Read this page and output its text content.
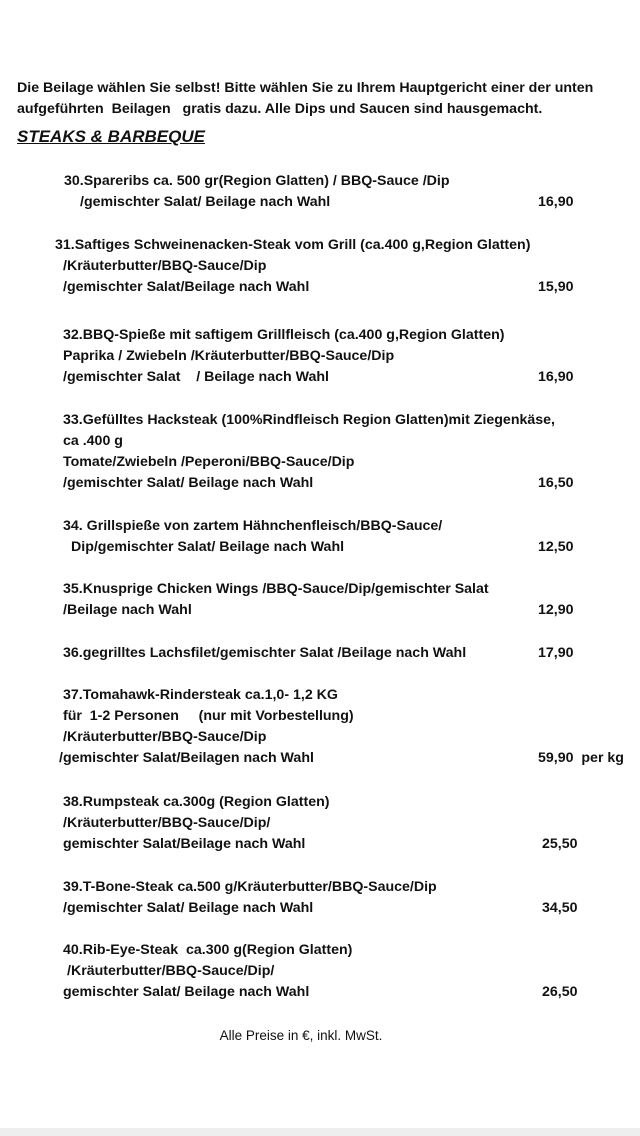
Die Beilage wählen Sie selbst! Bitte wählen Sie zu Ihrem Hauptgericht einer der unten
aufgeführten  Beilagen   gratis dazu. Alle Dips und Saucen sind hausgemacht.
STEAKS & BARBEQUE
30.Spareribs ca. 500 gr(Region Glatten) / BBQ-Sauce /Dip
/gemischter Salat/ Beilage nach Wahl	16,90
31.Saftiges Schweinenacken-Steak vom Grill (ca.400 g,Region Glatten)
/Kräuterbutter/BBQ-Sauce/Dip
/gemischter Salat/Beilage nach Wahl	15,90
32.BBQ-Spieße mit saftigem Grillfleisch (ca.400 g,Region Glatten)
Paprika / Zwiebeln /Kräuterbutter/BBQ-Sauce/Dip
/gemischter Salat    / Beilage nach Wahl	16,90
33.Gefülltes Hacksteak (100%Rindfleisch Region Glatten)mit Ziegenkäse,
ca .400 g
Tomate/Zwiebeln /Peperoni/BBQ-Sauce/Dip
/gemischter Salat/ Beilage nach Wahl	16,50
34. Grillspieße von zartem Hähnchenfleisch/BBQ-Sauce/
Dip/gemischter Salat/ Beilage nach Wahl	12,50
35.Knusprige Chicken Wings /BBQ-Sauce/Dip/gemischter Salat
/Beilage nach Wahl	12,90
36.gegrilltes Lachsfilet/gemischter Salat /Beilage nach Wahl	17,90
37.Tomahawk-Rindersteak ca.1,0- 1,2 KG
für  1-2 Personen     (nur mit Vorbestellung)
/Kräuterbutter/BBQ-Sauce/Dip
/gemischter Salat/Beilagen nach Wahl	59,90  per kg
38.Rumpsteak ca.300g (Region Glatten)
/Kräuterbutter/BBQ-Sauce/Dip/
gemischter Salat/Beilage nach Wahl	25,50
39.T-Bone-Steak ca.500 g/Kräuterbutter/BBQ-Sauce/Dip
/gemischter Salat/ Beilage nach Wahl	34,50
40.Rib-Eye-Steak  ca.300 g(Region Glatten)
/Kräuterbutter/BBQ-Sauce/Dip/
gemischter Salat/ Beilage nach Wahl	26,50
Alle Preise in €, inkl. MwSt.
